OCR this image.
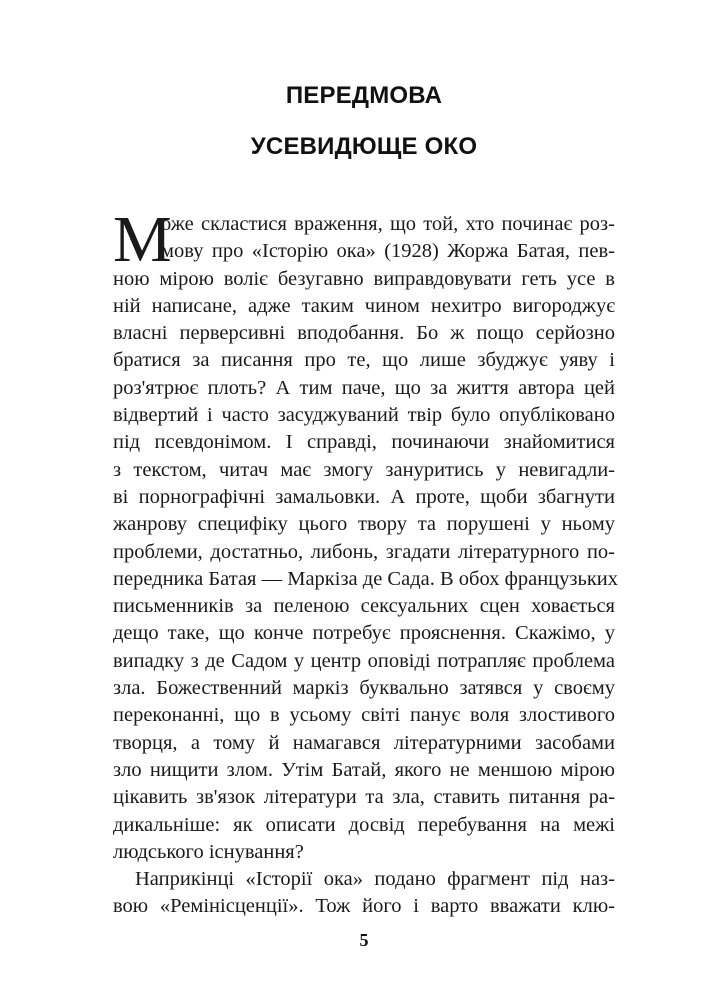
ПЕРЕДМОВА
УСЕВИДЮЩЕ ОКО
М
оже скластися враження, що той, хто починає роз-
мову про «Історію ока» (1928) Жоржа Батая, пев-
ною мірою воліє безугавно виправдовувати геть усе в
ній написане, адже таким чином нехитро вигороджує
власні перверсивні вподобання. Бо ж пощо серйозно
братися за писання про те, що лише збуджує уяву і
роз'ятрює плоть? А тим паче, що за життя автора цей
відвертий і часто засуджуваний твір було опубліковано
під псевдонімом. І справді, починаючи знайомитися
з текстом, читач має змогу зануритись у невигадли-
ві порнографічні замальовки. А проте, щоби збагнути
жанрову специфіку цього твору та порушені у ньому
проблеми, достатньо, либонь, згадати літературного по-
передника Батая — Маркіза де Сада. В обох французьких
письменників за пеленою сексуальних сцен ховається
дещо таке, що конче потребує прояснення. Скажімо, у
випадку з де Садом у центр оповіді потрапляє проблема
зла. Божественний маркіз буквально затявся у своєму
переконанні, що в усьому світі панує воля злостивого
творця, а тому й намагався літературними засобами
зло нищити злом. Утім Батай, якого не меншою мірою
цікавить зв'язок літератури та зла, ставить питання ра-
дикальніше: як описати досвід перебування на межі
людського існування?
Наприкінці «Історії ока» подано фрагмент під наз-
вою «Ремінісценції». Тож його і варто вважати клю-
5
